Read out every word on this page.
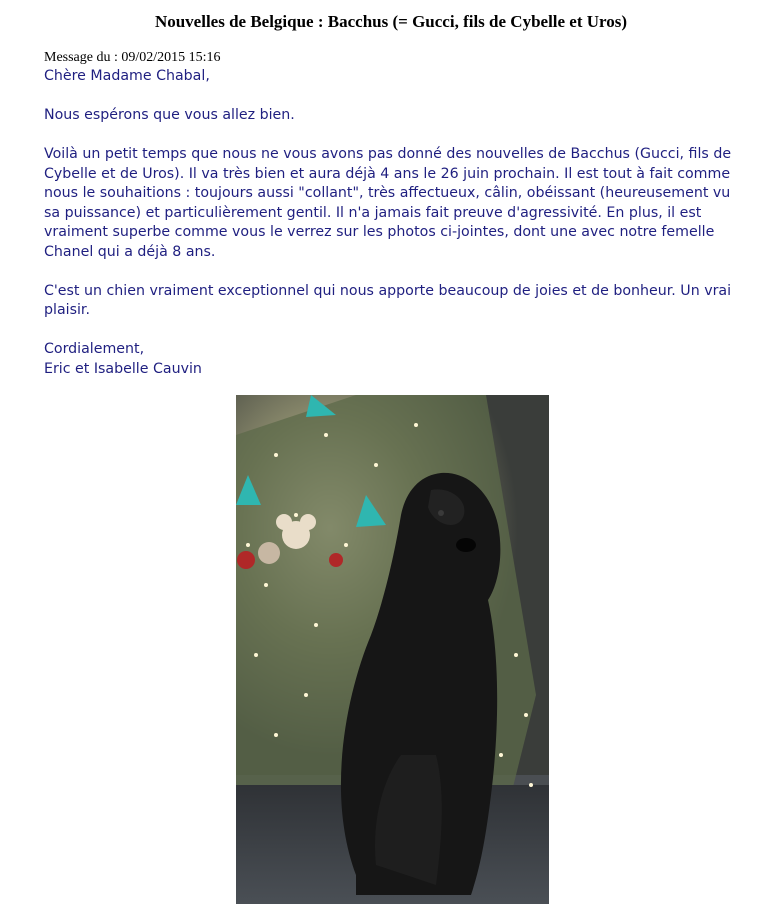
Nouvelles de Belgique : Bacchus (= Gucci, fils de Cybelle et Uros)
Message du : 09/02/2015 15:16

Chère Madame Chabal,

Nous espérons que vous allez bien.

Voilà un petit temps que nous ne vous avons pas donné des nouvelles de Bacchus (Gucci, fils de Cybelle et de Uros). Il va très bien et aura déjà 4 ans le 26 juin prochain. Il est tout à fait comme nous le souhaitions : toujours aussi "collant", très affectueux, câlin, obéissant (heureusement vu sa puissance) et particulièrement gentil. Il n'a jamais fait preuve d'agressivité. En plus, il est vraiment superbe comme vous le verrez sur les photos ci-jointes, dont une avec notre femelle Chanel qui a déjà 8 ans.

C'est un chien vraiment exceptionnel qui nous apporte beaucoup de joies et de bonheur. Un vrai plaisir.

Cordialement,
Eric et Isabelle Cauvin
